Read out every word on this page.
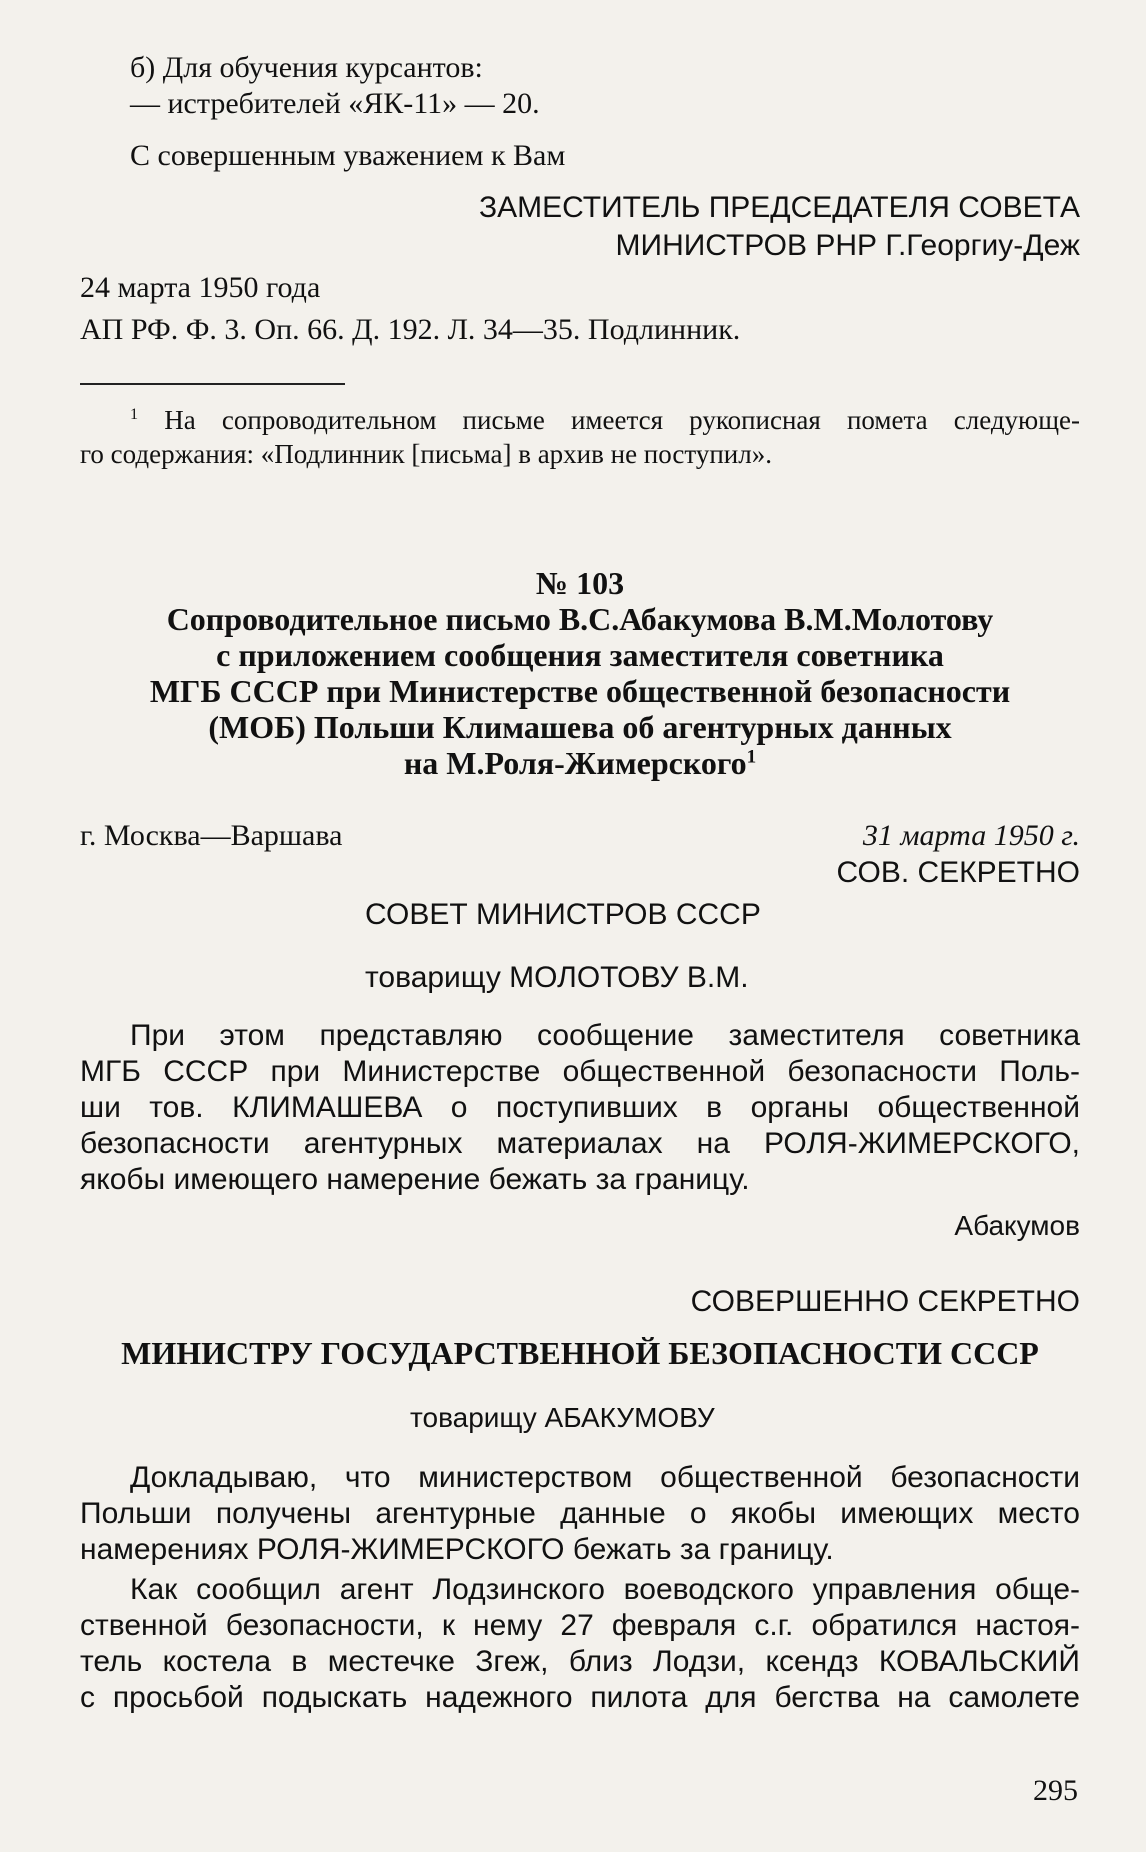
б) Для обучения курсантов:
— истребителей «ЯК-11» — 20.
С совершенным уважением к Вам
ЗАМЕСТИТЕЛЬ ПРЕДСЕДАТЕЛЯ СОВЕТА
МИНИСТРОВ РНР Г.Георгиу-Деж
24 марта 1950 года
АП РФ. Ф. 3. Оп. 66. Д. 192. Л. 34—35. Подлинник.
$^1$ На сопроводительном письме имеется рукописная помета следующе-
го содержания: «Подлинник [письма] в архив не поступил».
№ 103
Сопроводительное письмо В.С.Абакумова В.М.Молотову
с приложением сообщения заместителя советника
МГБ СССР при Министерстве общественной безопасности
(МОБ) Польши Климашева об агентурных данных
на М.Роля-Жимерского$^1$
г. Москва—Варшава	31 марта 1950 г.
СОВ. СЕКРЕТНО
СОВЕТ МИНИСТРОВ СССР
товарищу МОЛОТОВУ В.М.
При этом представляю сообщение заместителя советника
МГБ СССР при Министерстве общественной безопасности Поль-
ши тов. КЛИМАШЕВА о поступивших в органы общественной
безопасности агентурных материалах на РОЛЯ-ЖИМЕРСКОГО,
якобы имеющего намерение бежать за границу.
Абакумов
СОВЕРШЕННО СЕКРЕТНО
МИНИСТРУ ГОСУДАРСТВЕННОЙ БЕЗОПАСНОСТИ СССР
товарищу АБАКУМОВУ
Докладываю, что министерством общественной безопасности
Польши получены агентурные данные о якобы имеющих место
намерениях РОЛЯ-ЖИМЕРСКОГО бежать за границу.
Как сообщил агент Лодзинского воеводского управления обще-
ственной безопасности, к нему 27 февраля с.г. обратился настоя-
тель костела в местечке Згеж, близ Лодзи, ксендз КОВАЛЬСКИЙ
с просьбой подыскать надежного пилота для бегства на самолете
295
